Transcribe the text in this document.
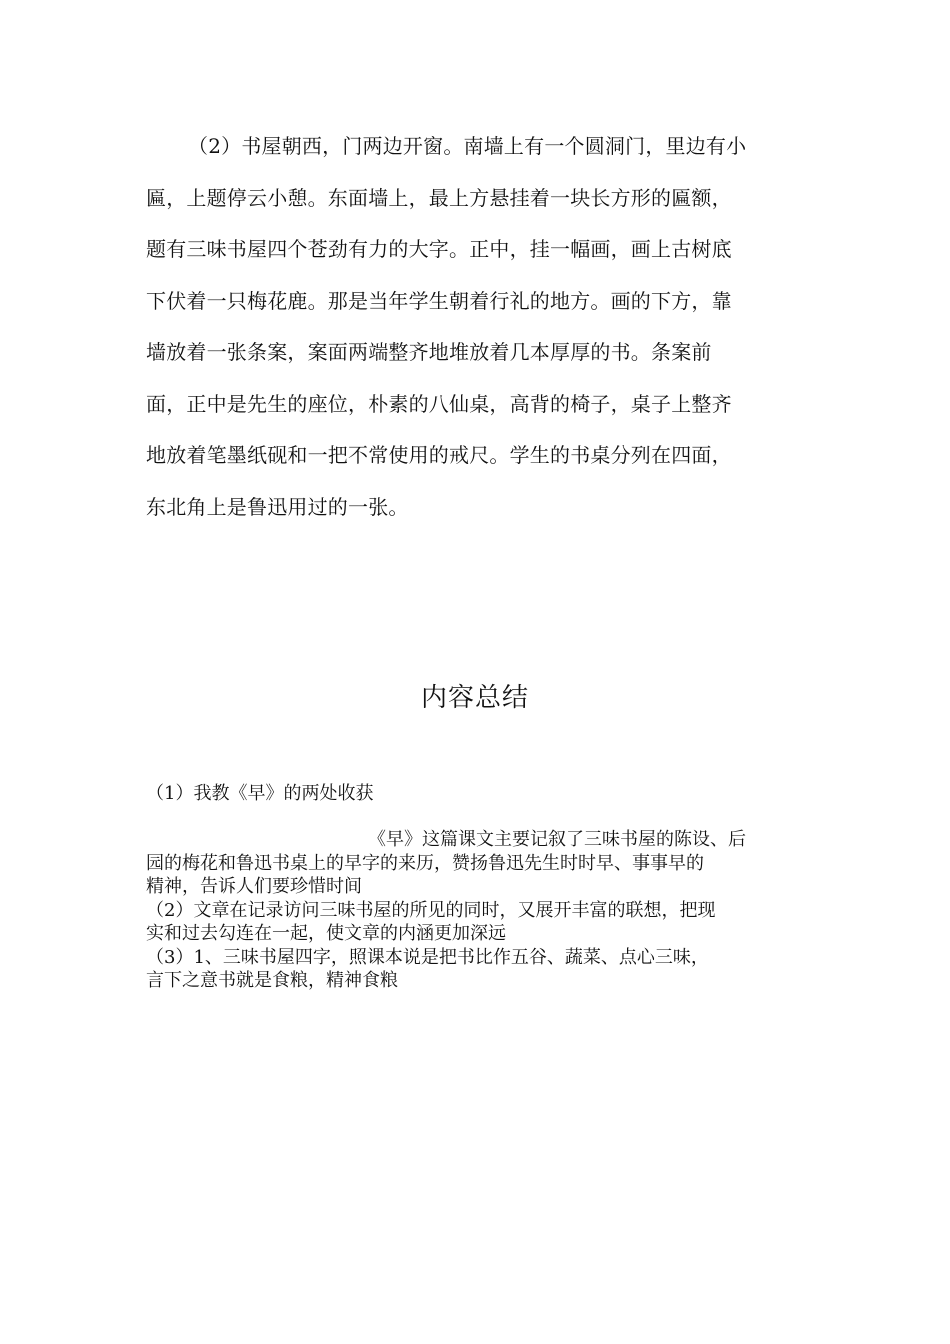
（2）书屋朝西，门两边开窗。南墙上有一个圆洞门，里边有小
匾，上题停云小憩。东面墙上，最上方悬挂着一块长方形的匾额，
题有三味书屋四个苍劲有力的大字。正中，挂一幅画，画上古树底
下伏着一只梅花鹿。那是当年学生朝着行礼的地方。画的下方，靠
墙放着一张条案，案面两端整齐地堆放着几本厚厚的书。条案前
面，正中是先生的座位，朴素的八仙桌，高背的椅子，桌子上整齐
地放着笔墨纸砚和一把不常使用的戒尺。学生的书桌分列在四面，
东北角上是鲁迅用过的一张。
内容总结
（1）我教《早》的两处收获
《早》这篇课文主要记叙了三味书屋的陈设、后
园的梅花和鲁迅书桌上的早字的来历，赞扬鲁迅先生时时早、事事早的
精神，告诉人们要珍惜时间
（2）文章在记录访问三味书屋的所见的同时，又展开丰富的联想，把现
实和过去勾连在一起，使文章的内涵更加深远
（3）1、三味书屋四字，照课本说是把书比作五谷、蔬菜、点心三味，
言下之意书就是食粮，精神食粮
